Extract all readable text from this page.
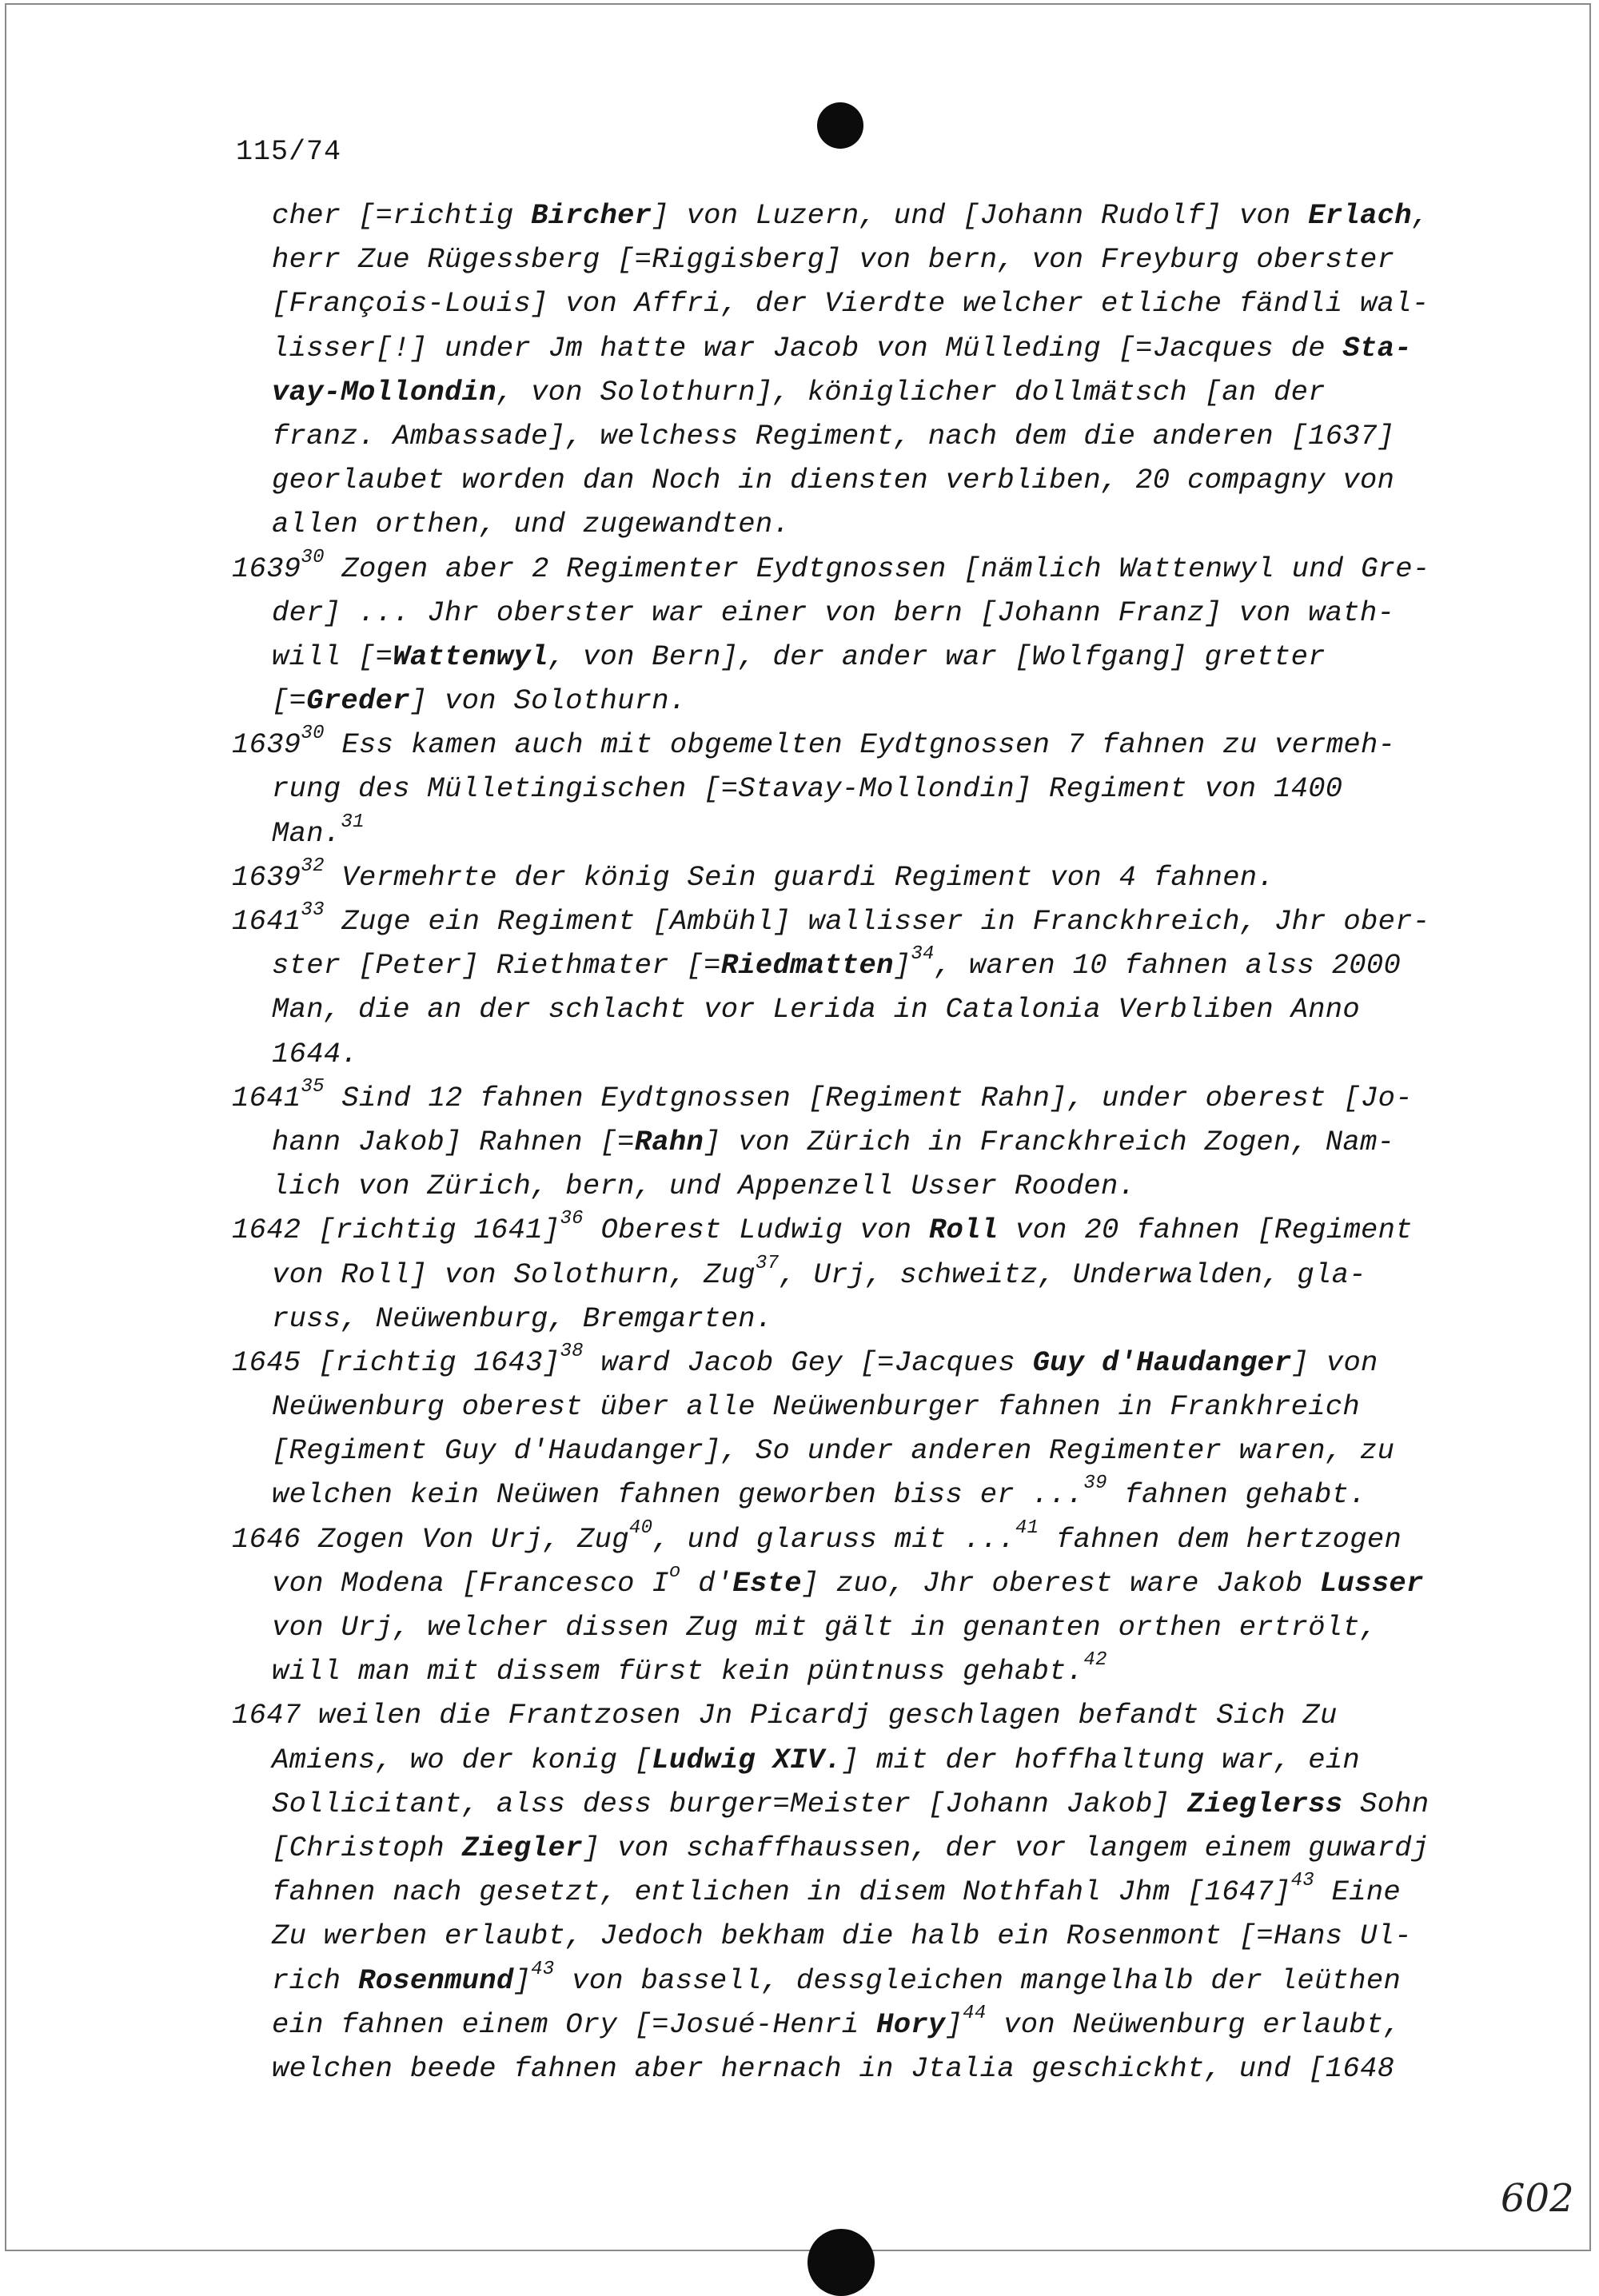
115/74
cher [=richtig Bircher] von Luzern, und [Johann Rudolf] von Erlach,
herr Zue Rügessberg [=Riggisberg] von bern, von Freyburg oberster
[François-Louis] von Affri, der Vierdte welcher etliche fändli wal-
lisser[!] under Jm hatte war Jacob von Mülleding [=Jacques de Sta-
vay-Mollondin, von Solothurn], königlicher dollmätsch [an der
franz. Ambassade], welchess Regiment, nach dem die anderen [1637]
georlaubet worden dan Noch in diensten verbliben, 20 compagny von
allen orthen, und zugewandten.
1639$^{30}$ Zogen aber 2 Regimenter Eydtgnossen [nämlich Wattenwyl und Gre-
der] ... Jhr oberster war einer von bern [Johann Franz] von wath-
will [=Wattenwyl, von Bern], der ander war [Wolfgang] gretter
[=Greder] von Solothurn.
1639$^{30}$ Ess kamen auch mit obgemelten Eydtgnossen 7 fahnen zu vermeh-
rung des Mülletingischen [=Stavay-Mollondin] Regiment von 1400
Man.$^{31}$
1639$^{32}$ Vermehrte der könig Sein guardi Regiment von 4 fahnen.
1641$^{33}$ Zuge ein Regiment [Ambühl] wallisser in Franckhreich, Jhr ober-
ster [Peter] Riethmater [=Riedmatten]$^{34}$, waren 10 fahnen alss 2000
Man, die an der schlacht vor Lerida in Catalonia Verbliben Anno
1644.
1641$^{35}$ Sind 12 fahnen Eydtgnossen [Regiment Rahn], under oberest [Jo-
hann Jakob] Rahnen [=Rahn] von Zürich in Franckhreich Zogen, Nam-
lich von Zürich, bern, und Appenzell Usser Rooden.
1642 [richtig 1641]$^{36}$ Oberest Ludwig von Roll von 20 fahnen [Regiment
von Roll] von Solothurn, Zug$^{37}$, Urj, schweitz, Underwalden, gla-
russ, Neüwenburg, Bremgarten.
1645 [richtig 1643]$^{38}$ ward Jacob Gey [=Jacques Guy d'Haudanger] von
Neüwenburg oberest über alle Neüwenburger fahnen in Frankhreich
[Regiment Guy d'Haudanger], So under anderen Regimenter waren, zu
welchen kein Neüwen fahnen geworben biss er ...$^{39}$ fahnen gehabt.
1646 Zogen Von Urj, Zug$^{40}$, und glaruss mit ...$^{41}$ fahnen dem hertzogen
von Modena [Francesco $I^o$ d'Este] zuo, Jhr oberest ware Jakob Lusser
von Urj, welcher dissen Zug mit gält in genanten orthen ertrölt,
will man mit dissem fürst kein püntnuss gehabt.$^{42}$
1647 weilen die Frantzosen Jn Picardj geschlagen befandt Sich Zu
Amiens, wo der konig [Ludwig XIV.] mit der hoffhaltung war, ein
Sollicitant, alss dess burger=Meister [Johann Jakob] Zieglerss Sohn
[Christoph Ziegler] von schaffhaussen, der vor langem einem guwardj
fahnen nach gesetzt, entlichen in disem Nothfahl Jhm $[1647]^{43}$ Eine
Zu werben erlaubt, Jedoch bekham die halb ein Rosenmont [=Hans Ul-
rich Rosenmund]$^{43}$ von bassell, dessgleichen mangelhalb der leüthen
ein fahnen einem Ory [=Josué-Henri Hory]$^{44}$ von Neüwenburg erlaubt,
welchen beede fahnen aber hernach in Jtalia geschickht, und [1648
602
